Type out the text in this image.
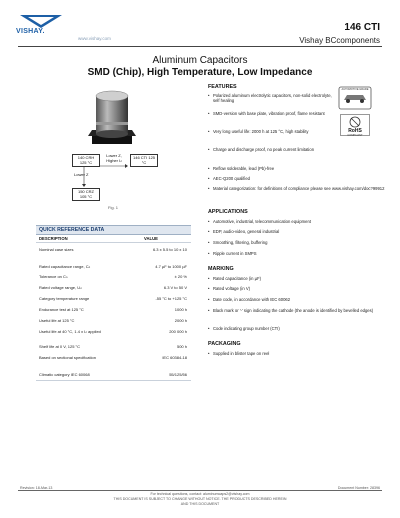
VISHAY.
www.vishay.com
146 CTI
Vishay BCcomponents
Aluminum Capacitors
SMD (Chip), High Temperature, Low Impedance
140 CRH 125 °C
Lower Z, Higher Iₙ
146 CTI 125 °C
Lower Z
150 CRZ 105 °C
Fig. 1
QUICK REFERENCE DATA
DESCRIPTION	VALUE
Nominal case sizes	6.3 x 5.5 to 10 x 10
Rated capacitance range, Cₙ	4.7 µF to 1000 µF
Tolerance on Cₙ	± 20 %
Rated voltage range, Uₙ	6.3 V to 50 V
Category temperature range	-55 °C to +125 °C
Endurance test at 125 °C	1000 h
Useful life at 125 °C	2000 h
Useful life at 40 °C, 1.4 x Iₙ applied	200 000 h
Shelf life at 0 V, 125 °C	500 h
Based on sectional specification	IEC 60384-18
Climatic category IEC 60068	55/125/56
AUTOMOTIVE GRADE
RoHS
COMPLIANT
FEATURES
• Polarized aluminum electrolytic capacitors, non-solid electrolyte, self healing
• SMD-version with base plate, vibration proof, flame resistant
• Very long useful life: 2000 h at 125 °C, high stability
• Charge and discharge proof, no peak current limitation
• Reflow solderable, lead (Pb)-free
• AEC-Q200 qualified
• Material categorization: for definitions of compliance please see www.vishay.com/doc?99912
APPLICATIONS
• Automotive, industrial, telecommunication equipment
• EDP, audio-video, general industrial
• Smoothing, filtering, buffering
• Ripple current in SMPS
MARKING
• Rated capacitance (in µF)
• Rated voltage (in V)
• Date code, in accordance with IEC 60062
• Black mark or '-' sign indicating the cathode (the anode is identified by bevelled edges)
• Code indicating group number (CTI)
PACKAGING
• Supplied in blister tape on reel
Revision: 18-Mar-13	Document Number: 28396
For technical questions, contact: aluminumcaps2@vishay.com
THIS DOCUMENT IS SUBJECT TO CHANGE WITHOUT NOTICE. THE PRODUCTS DESCRIBED HEREIN AND THIS DOCUMENT
